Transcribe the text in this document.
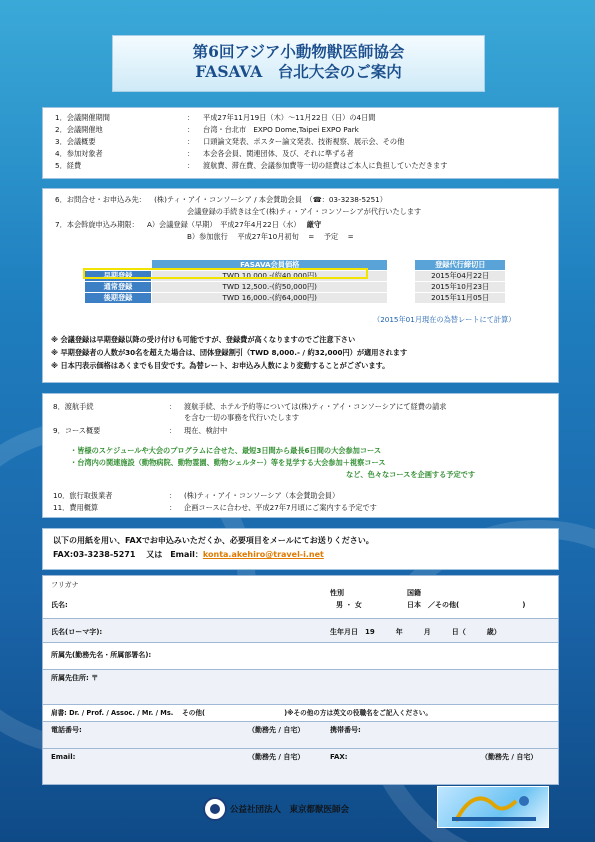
第6回アジア小動物獣医師協会
FASAVA　台北大会のご案内
1．会議開催期間	： 平成27年11月19日（木）～11月22日（日）の4日間
2．会議開催地	： 台湾・台北市　EXPO Dome,Taipei EXPO Park
3．会議概要	： 口頭論文発表、ポスター論文発表、技術視察、展示会、その他
4．参加対象者	： 本会各会員、関連団体、及び、それに準ずる者
5．経費	： 渡航費、滞在費、会議参加費等一切の経費はご本人に負担していただきます
6．お問合せ・お申込み先： (株)ティ・アイ・コンソーシア / 本会賛助会員　（☎：03-3238-5251）
会議登録の手続きは全て(株)ティ・アイ・コンソーシアが代行いたします
7．本会斡旋申込み期限： A）会議登録（早期）　平成27年4月22日（水） 厳守
B）参加旅行　 平成27年10月初旬　 = 　予定　 =
（2015年01月現在の為替レートにて計算）
※ 会議登録は早期登録以降の受け付けも可能ですが、登録費が高くなりますのでご注意下さい
※ 早期登録者の人数が30名を超えた場合は、団体登録割引（TWD 8,000.- / 約32,000円）が適用されます
※ 日本円表示価格はあくまでも目安です。為替レート、お申込み人数により変動することがございます。
	FASAVA会員価格		登録代行締切日
早期登録	TWD 10,000.-(約40,000円)		2015年04月22日
通常登録	TWD 12,500.-(約50,000円)		2015年10月23日
後期登録	TWD 16,000.-(約64,000円)		2015年11月05日
8．渡航手続	： 渡航手続、ホテル予約等については(株)ティ・アイ・コンソーシアにて経費の請求
を含む一切の事務を代行いたします
9．コース概要	： 現在、検討中
・皆様のスケジュールや大会のプログラムに合せた、最短3日間から最長6日間の大会参加コース
・台湾内の関連施設（動物病院、動物霊園、動物シェルター）等を見学する大会参加＋視察コース
など、色々なコースを企画する予定です
10．旅行取扱業者	： (株)ティ・アイ・コンソーシア（本会賛助会員）
11．費用概算	： 企画コースに合わせ、平成27年7月頃にご案内する予定です
以下の用紙を用い、FAXでお申込みいただくか、必要項目をメールにてお送りください。
FAX:03-3238-5271　 又は　Email：konta.akehiro@travel-i.net
フリガナ
氏名:
性別
男 ・ 女
国籍
日本　／その他(　　　　　　　　　)
氏名(ローマ字):	生年月日　19　　　年　　　月　　　日（　　　歳）
所属先(勤務先名・所属部署名):
所属先住所: 〒
肩書: Dr. / Prof. / Assoc. / Mr. / Ms.　 その他(　　　　　　　　　　　　)※その他の方は英文の役職名をご記入ください。
電話番号:	（勤務先 / 自宅）	携帯番号:
Email:	（勤務先 / 自宅）	FAX:	（勤務先 / 自宅）
公益社団法人　東京都獣医師会
